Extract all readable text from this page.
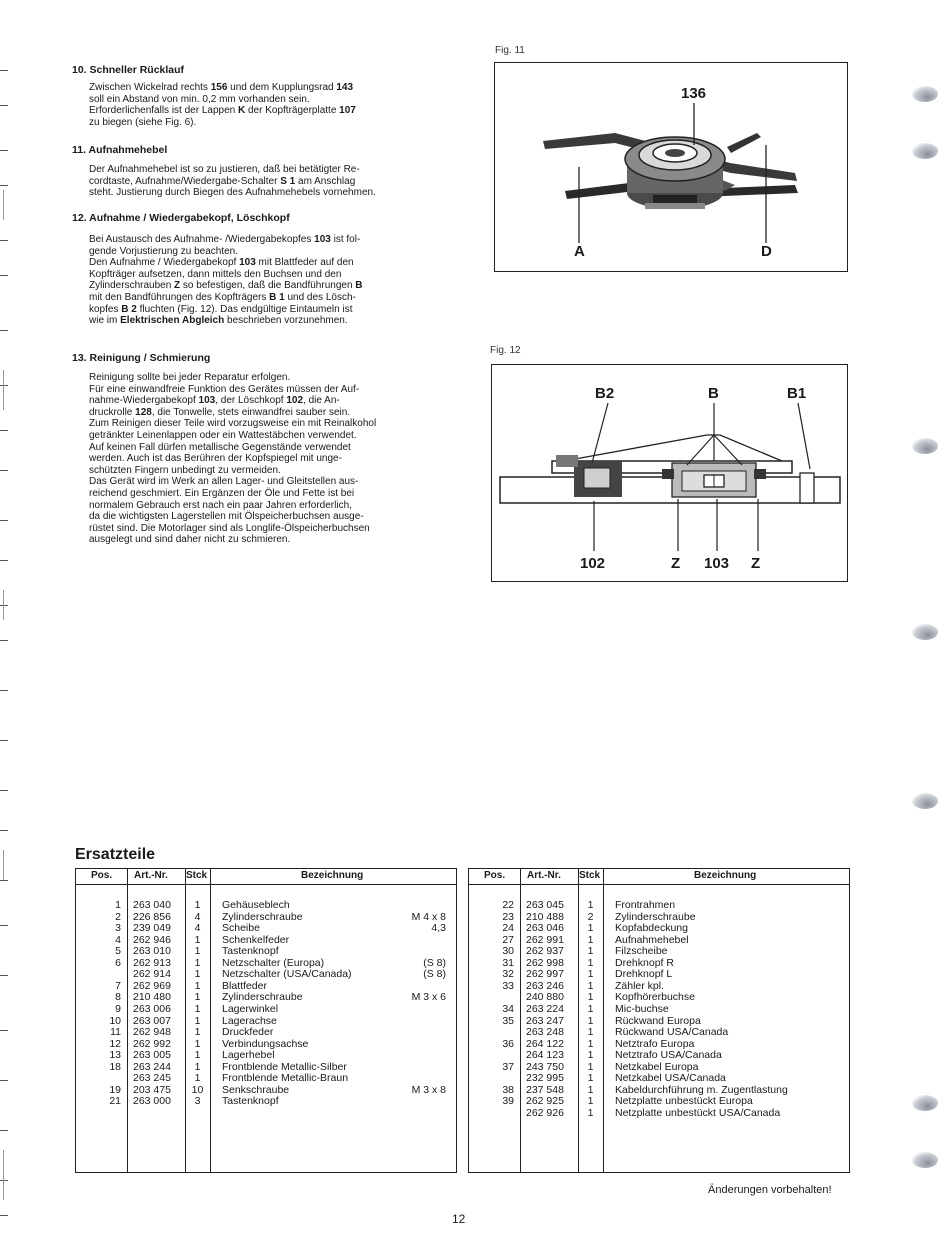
10. Schneller Rücklauf

Zwischen Wickelrad rechts 156 und dem Kupplungsrad 143

soll ein Abstand von min. 0,2 mm vorhanden sein.

Erforderlichenfalls ist der Lappen K der Kopfträgerplatte 107

zu biegen (siehe Fig. 6).

11. Aufnahmehebel

Der Aufnahmehebel ist so zu justieren, daß bei betätigter Re-

cordtaste, Aufnahme/Wiedergabe-Schalter S 1 am Anschlag

steht. Justierung durch Biegen des Aufnahmehebels vornehmen.

12. Aufnahme / Wiedergabekopf, Löschkopf

Bei Austausch des Aufnahme- /Wiedergabekopfes 103 ist fol-

gende Vorjustierung zu beachten.

Den Aufnahme / Wiedergabekopf 103 mit Blattfeder auf den

Kopfträger aufsetzen, dann mittels den Buchsen und den

Zylinderschrauben Z so befestigen, daß die Bandführungen B

mit den Bandführungen des Kopfträgers B 1 und des Lösch-

kopfes B 2 fluchten (Fig. 12). Das endgültige Eintaumeln ist

wie im Elektrischen Abgleich beschrieben vorzunehmen.

13. Reinigung / Schmierung

Reinigung sollte bei jeder Reparatur erfolgen.

Für eine einwandfreie Funktion des Gerätes müssen der Auf-

nahme-Wiedergabekopf 103, der Löschkopf 102, die An-

druckrolle 128, die Tonwelle, stets einwandfrei sauber sein.

Zum Reinigen dieser Teile wird vorzugsweise ein mit Reinalkohol

getränkter Leinenlappen oder ein Wattestäbchen verwendet.

Auf keinen Fall dürfen metallische Gegenstände verwendet

werden. Auch ist das Berühren der Kopfspiegel mit unge-

schützten Fingern unbedingt zu vermeiden.

Das Gerät wird im Werk an allen Lager- und Gleitstellen aus-

reichend geschmiert. Ein Ergänzen der Öle und Fette ist bei

normalem Gebrauch erst nach ein paar Jahren erforderlich,

da die wichtigsten Lagerstellen mit Ölspeicherbuchsen ausge-

rüstet sind. Die Motorlager sind als Longlife-Ölspeicherbuchsen

ausgelegt und sind daher nicht zu schmieren.

Fig. 11
136
A	D
Fig. 12
B2	B	B1
102	Z 103 Z
Ersatzteile
Pos. Art.-Nr. Stck	Bezeichnung
1 263 040	1	Gehäuseblech
2 226 856	4	Zylinderschraube	M 4 x 8
3 239 049	4	Scheibe	4,3
4 262 946	1	Schenkelfeder
5 263 010	1	Tastenknopf
6 262 913	1	Netzschalter (Europa)	(S 8)
262 914	1	Netzschalter (USA/Canada)	(S 8)
7 262 969	1	Blattfeder
8 210 480	1	Zylinderschraube	M 3 x 6
9 263 006	1	Lagerwinkel
10 263 007	1	Lagerachse
11 262 948	1	Druckfeder
12 262 992	1	Verbindungsachse
13 263 005	1	Lagerhebel
18 263 244	1	Frontblende Metallic-Silber
263 245	1	Frontblende Metallic-Braun
19 203 475	10	Senkschraube	M 3 x 8
21 263 000	3	Tastenknopf
Pos. Art.-Nr. Stck	Bezeichnung
22 263 045	1	Frontrahmen
23 210 488	2	Zylinderschraube
24 263 046	1	Kopfabdeckung
27 262 991	1	Aufnahmehebel
30 262 937	1	Filzscheibe
31 262 998	1	Drehknopf R
32 262 997	1	Drehknopf L
33 263 246	1	Zähler kpl.
240 880	1	Kopfhörerbuchse
34 263 224	1	Mic-buchse
35 263 247	1	Rückwand Europa
263 248	1	Rückwand USA/Canada
36 264 122	1	Netztrafo Europa
264 123	1	Netztrafo USA/Canada
37 243 750	1	Netzkabel Europa
232 995	1	Netzkabel USA/Canada
38 237 548	1	Kabeldurchführung m. Zugentlastung
39 262 925	1	Netzplatte unbestückt Europa
262 926	1	Netzplatte unbestückt USA/Canada
Änderungen vorbehalten!
12
